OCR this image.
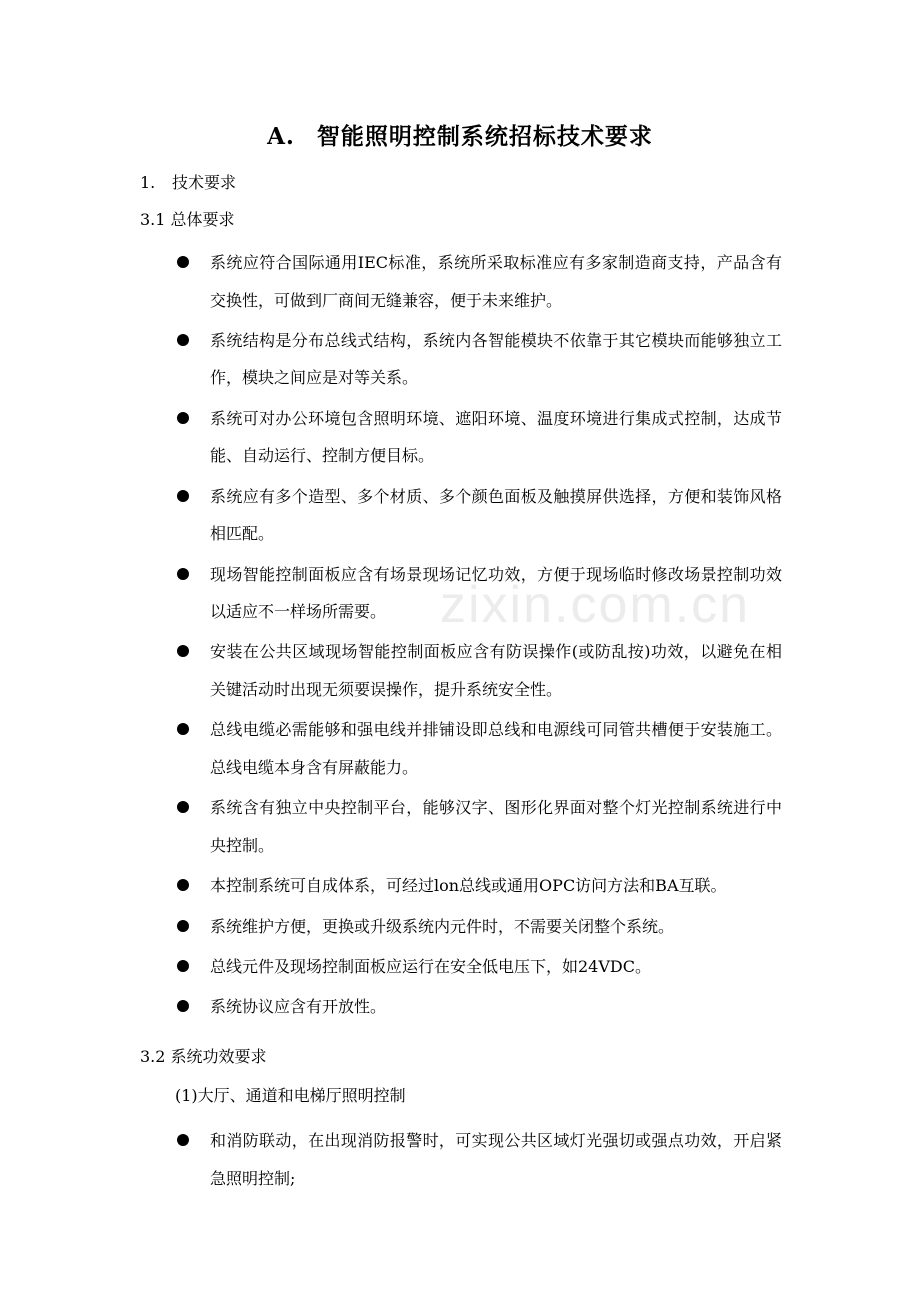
zixin.com.cn
A. 智能照明控制系统招标技术要求
1. 技术要求
3.1 总体要求
系统应符合国际通用IEC标准，系统所采取标准应有多家制造商支持，产品含有交换性，可做到厂商间无缝兼容，便于未来维护。
系统结构是分布总线式结构，系统内各智能模块不依靠于其它模块而能够独立工作，模块之间应是对等关系。
系统可对办公环境包含照明环境、遮阳环境、温度环境进行集成式控制，达成节能、自动运行、控制方便目标。
系统应有多个造型、多个材质、多个颜色面板及触摸屏供选择，方便和装饰风格相匹配。
现场智能控制面板应含有场景现场记忆功效，方便于现场临时修改场景控制功效以适应不一样场所需要。
安装在公共区域现场智能控制面板应含有防误操作(或防乱按)功效，以避免在相关键活动时出现无须要误操作，提升系统安全性。
总线电缆必需能够和强电线并排铺设即总线和电源线可同管共槽便于安装施工。总线电缆本身含有屏蔽能力。
系统含有独立中央控制平台，能够汉字、图形化界面对整个灯光控制系统进行中央控制。
本控制系统可自成体系，可经过lon总线或通用OPC访问方法和BA互联。
系统维护方便，更换或升级系统内元件时，不需要关闭整个系统。
总线元件及现场控制面板应运行在安全低电压下，如24VDC。
系统协议应含有开放性。
3.2 系统功效要求
(1)大厅、通道和电梯厅照明控制
和消防联动，在出现消防报警时，可实现公共区域灯光强切或强点功效，开启紧急照明控制;
